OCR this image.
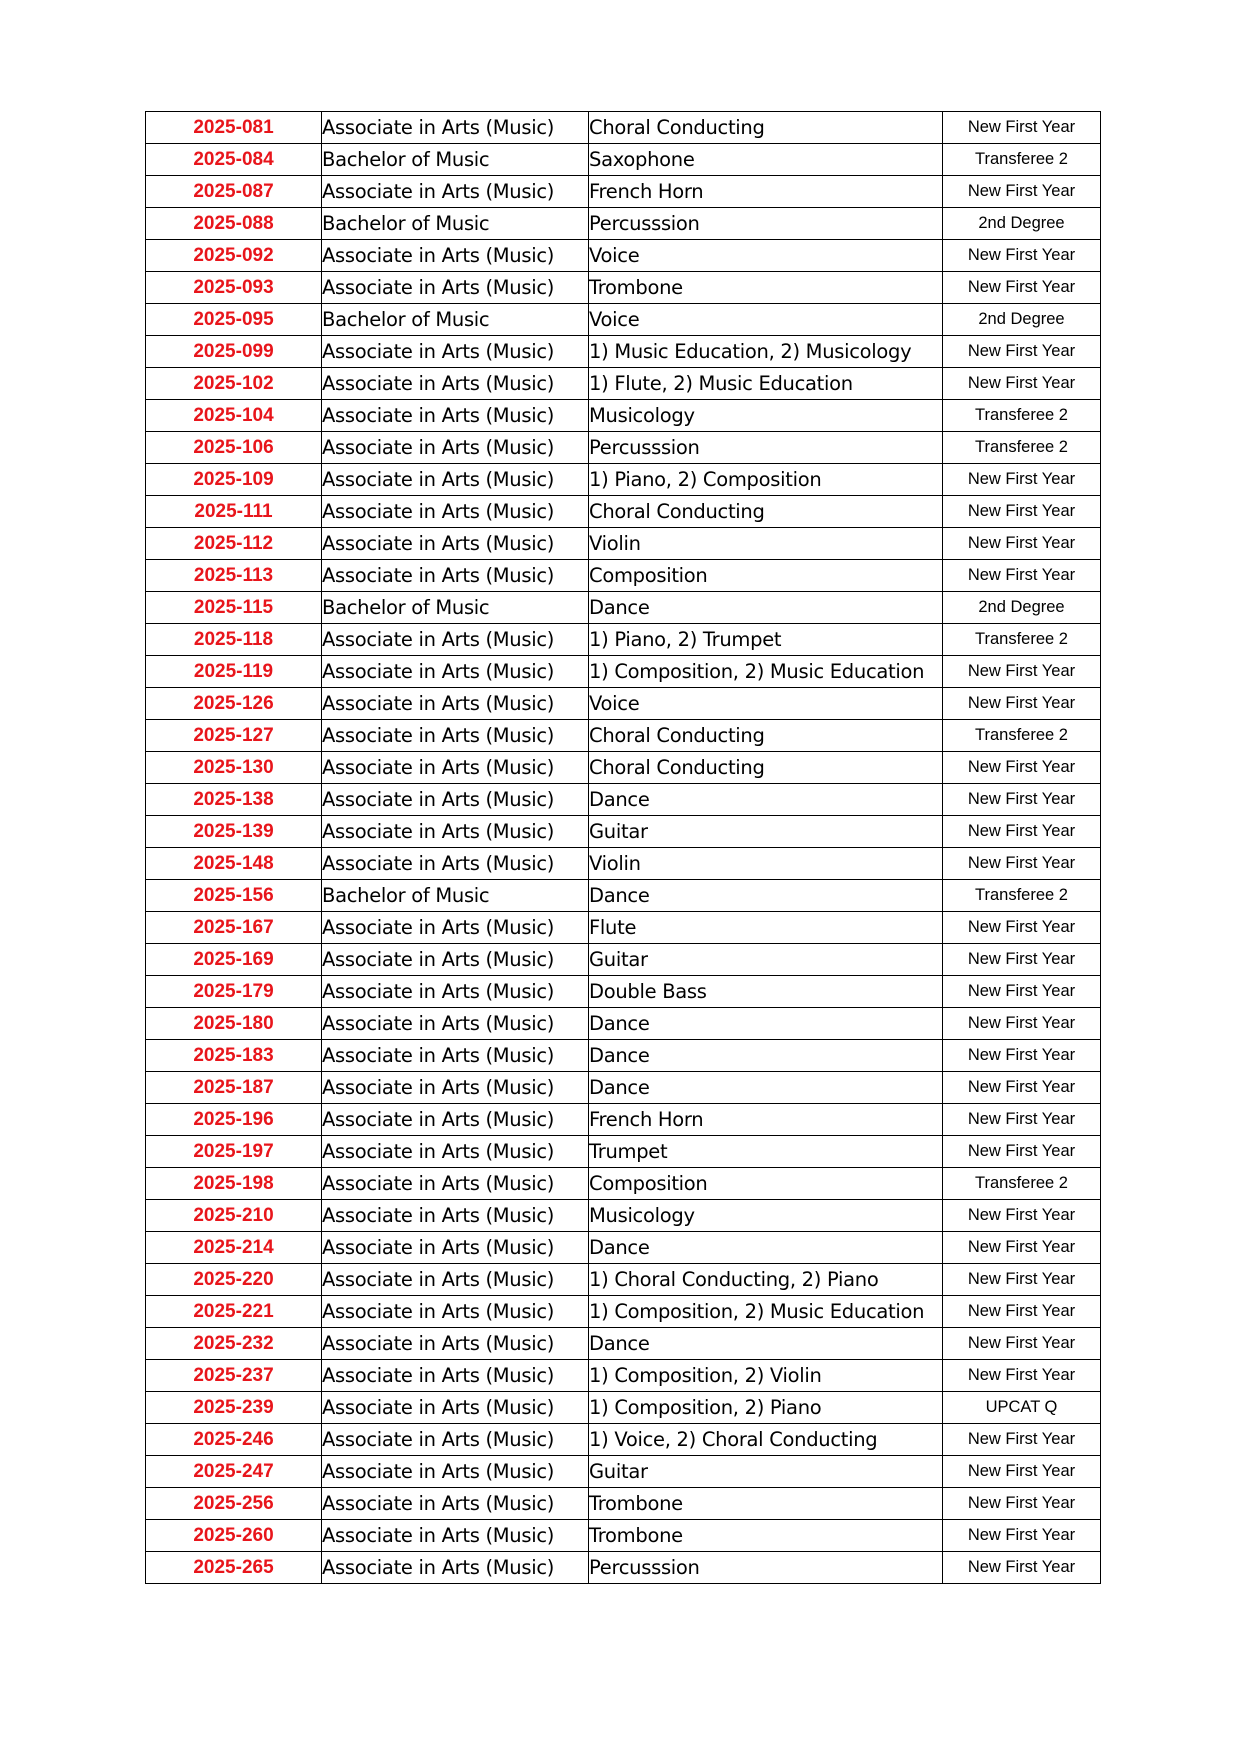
2025-081	Associate in Arts (Music)	Choral Conducting	New First Year
2025-084	Bachelor of Music	Saxophone	Transferee 2
2025-087	Associate in Arts (Music)	French Horn	New First Year
2025-088	Bachelor of Music	Percusssion	2nd Degree
2025-092	Associate in Arts (Music)	Voice	New First Year
2025-093	Associate in Arts (Music)	Trombone	New First Year
2025-095	Bachelor of Music	Voice	2nd Degree
2025-099	Associate in Arts (Music)	1) Music Education, 2) Musicology	New First Year
2025-102	Associate in Arts (Music)	1) Flute, 2) Music Education	New First Year
2025-104	Associate in Arts (Music)	Musicology	Transferee 2
2025-106	Associate in Arts (Music)	Percusssion	Transferee 2
2025-109	Associate in Arts (Music)	1) Piano, 2) Composition	New First Year
2025-111	Associate in Arts (Music)	Choral Conducting	New First Year
2025-112	Associate in Arts (Music)	Violin	New First Year
2025-113	Associate in Arts (Music)	Composition	New First Year
2025-115	Bachelor of Music	Dance	2nd Degree
2025-118	Associate in Arts (Music)	1) Piano, 2) Trumpet	Transferee 2
2025-119	Associate in Arts (Music)	1) Composition, 2) Music Education	New First Year
2025-126	Associate in Arts (Music)	Voice	New First Year
2025-127	Associate in Arts (Music)	Choral Conducting	Transferee 2
2025-130	Associate in Arts (Music)	Choral Conducting	New First Year
2025-138	Associate in Arts (Music)	Dance	New First Year
2025-139	Associate in Arts (Music)	Guitar	New First Year
2025-148	Associate in Arts (Music)	Violin	New First Year
2025-156	Bachelor of Music	Dance	Transferee 2
2025-167	Associate in Arts (Music)	Flute	New First Year
2025-169	Associate in Arts (Music)	Guitar	New First Year
2025-179	Associate in Arts (Music)	Double Bass	New First Year
2025-180	Associate in Arts (Music)	Dance	New First Year
2025-183	Associate in Arts (Music)	Dance	New First Year
2025-187	Associate in Arts (Music)	Dance	New First Year
2025-196	Associate in Arts (Music)	French Horn	New First Year
2025-197	Associate in Arts (Music)	Trumpet	New First Year
2025-198	Associate in Arts (Music)	Composition	Transferee 2
2025-210	Associate in Arts (Music)	Musicology	New First Year
2025-214	Associate in Arts (Music)	Dance	New First Year
2025-220	Associate in Arts (Music)	1) Choral Conducting, 2) Piano	New First Year
2025-221	Associate in Arts (Music)	1) Composition, 2) Music Education	New First Year
2025-232	Associate in Arts (Music)	Dance	New First Year
2025-237	Associate in Arts (Music)	1) Composition, 2) Violin	New First Year
2025-239	Associate in Arts (Music)	1) Composition, 2) Piano	UPCAT Q
2025-246	Associate in Arts (Music)	1) Voice, 2) Choral Conducting	New First Year
2025-247	Associate in Arts (Music)	Guitar	New First Year
2025-256	Associate in Arts (Music)	Trombone	New First Year
2025-260	Associate in Arts (Music)	Trombone	New First Year
2025-265	Associate in Arts (Music)	Percusssion	New First Year
